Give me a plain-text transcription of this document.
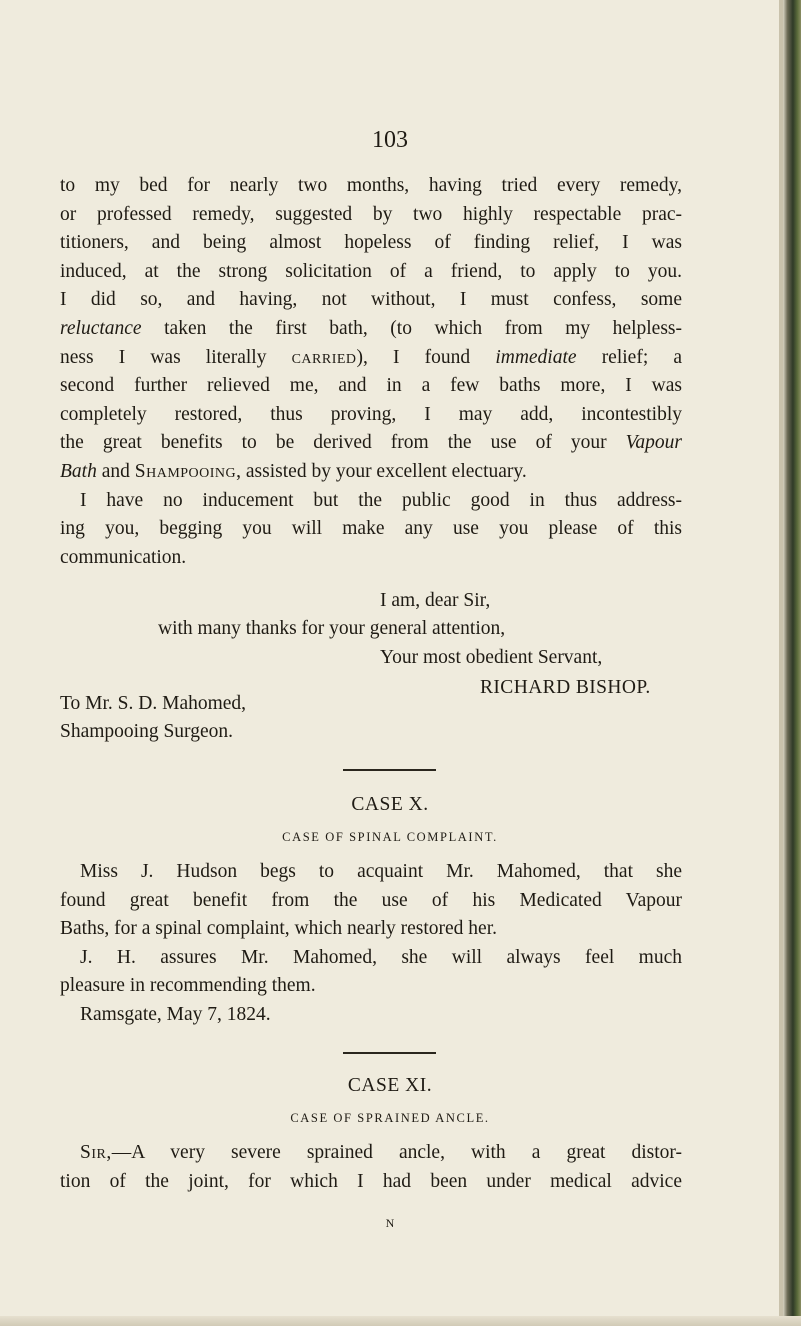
103
to my bed for nearly two months, having tried every remedy,
or professed remedy, suggested by two highly respectable prac-
titioners, and being almost hopeless of finding relief, I was
induced, at the strong solicitation of a friend, to apply to you.
I did so, and having, not without, I must confess, some
reluctance taken the first bath, (to which from my helpless-
ness I was literally carried), I found immediate relief; a
second further relieved me, and in a few baths more, I was
completely restored, thus proving, I may add, incontestibly
the great benefits to be derived from the use of your Vapour
Bath and Shampooing, assisted by your excellent electuary.
I have no inducement but the public good in thus address-
ing you, begging you will make any use you please of this
communication.
I am, dear Sir,
with many thanks for your general attention,
Your most obedient Servant,
RICHARD BISHOP.
To Mr. S. D. Mahomed,
Shampooing Surgeon.
CASE X.
CASE OF SPINAL COMPLAINT.
Miss J. Hudson begs to acquaint Mr. Mahomed, that she
found great benefit from the use of his Medicated Vapour
Baths, for a spinal complaint, which nearly restored her.
J. H. assures Mr. Mahomed, she will always feel much
pleasure in recommending them.
Ramsgate, May 7, 1824.
CASE XI.
CASE OF SPRAINED ANCLE.
Sir,—A very severe sprained ancle, with a great distor-
tion of the joint, for which I had been under medical advice
N
